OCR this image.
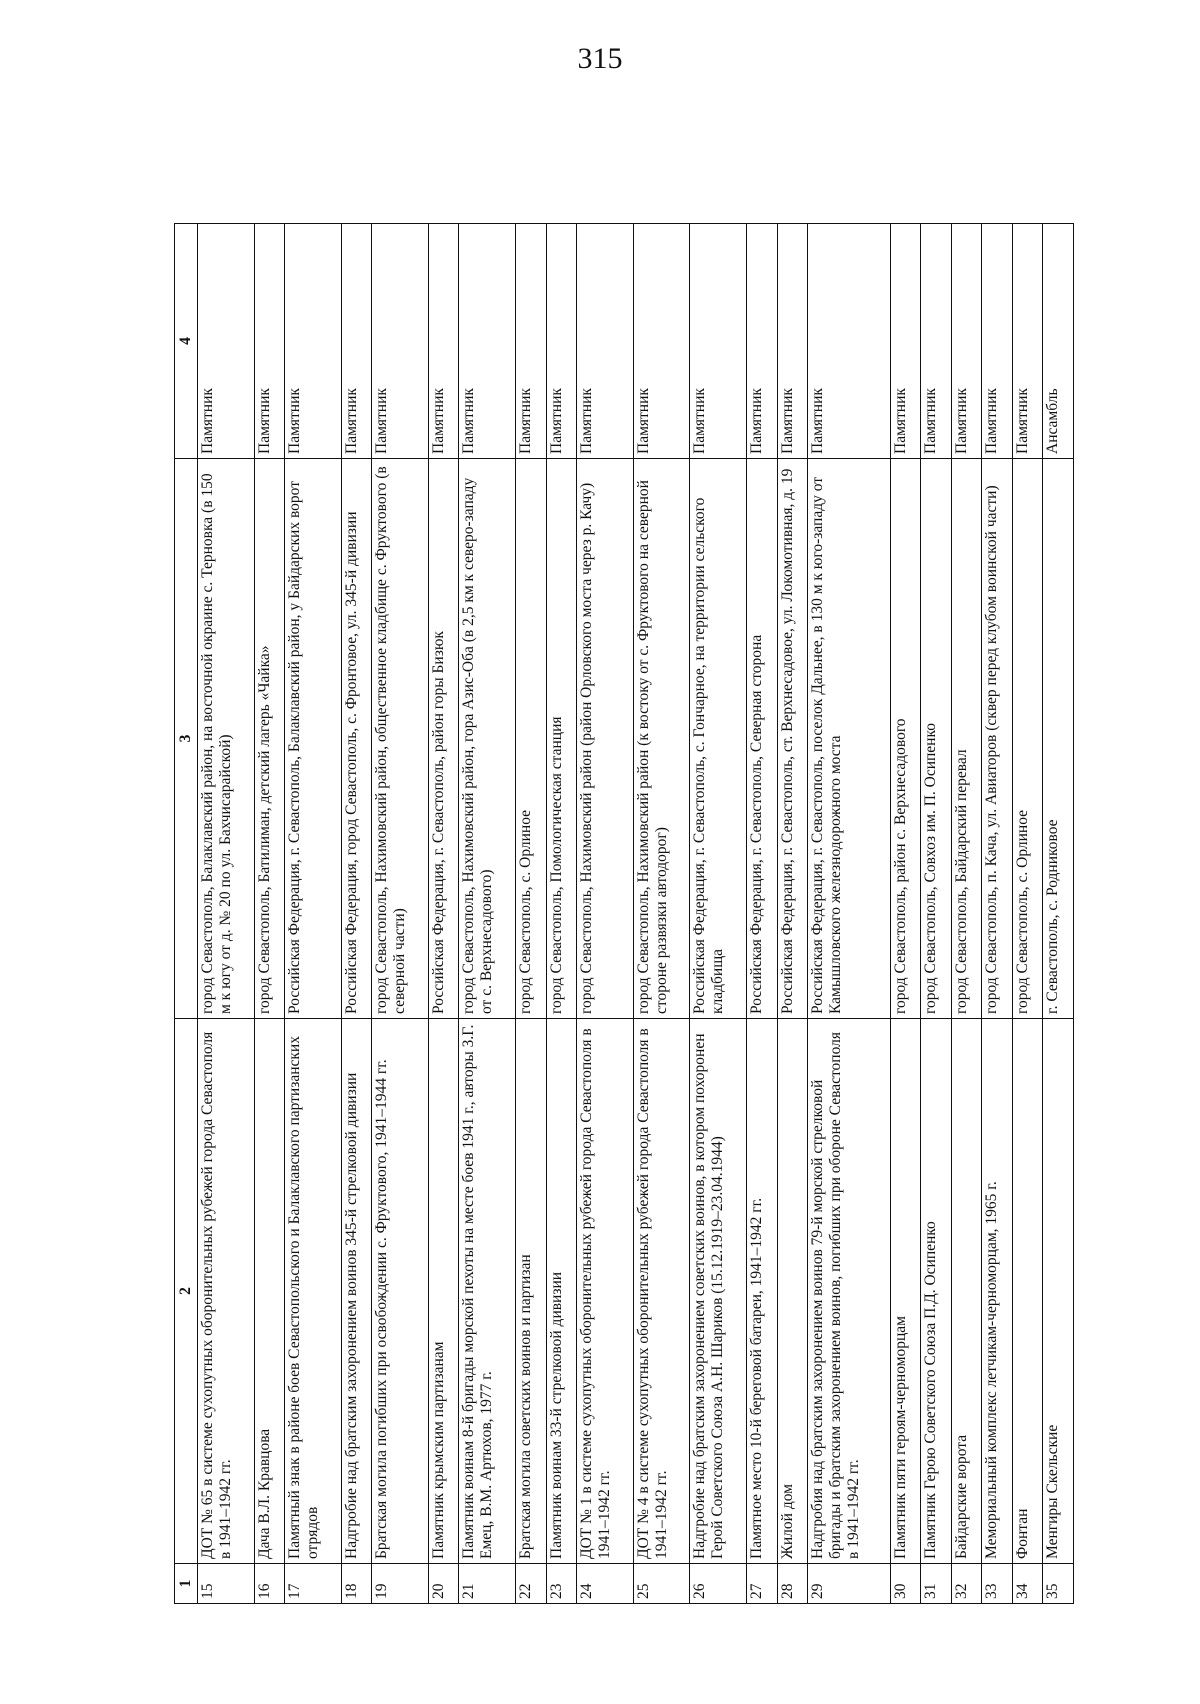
315
1	2	3	4
15	ДОТ № 65 в системе сухопутных оборонительных рубежей города Севастополя в 1941–1942 гг.	город Севастополь, Балаклавский район, на восточной окраине с. Терновка (в 150 м к югу от д. № 20 по ул. Бахчисарайской)	Памятник
16	Дача В.Л. Кравцова	город Севастополь, Батилиман, детский лагерь «Чайка»	Памятник
17	Памятный знак в районе боев Севастопольского и Балаклавского партизанских отрядов	Российская Федерация, г. Севастополь, Балаклавский район, у Байдарских ворот	Памятник
18	Надгробие над братским захоронением воинов 345-й стрелковой дивизии	Российская Федерация, город Севастополь, с. Фронтовое, ул. 345-й дивизии	Памятник
19	Братская могила погибших при освобождении с. Фруктового, 1941–1944 гг.	город Севастополь, Нахимовский район, общественное кладбище с. Фруктового (в северной части)	Памятник
20	Памятник крымским партизанам	Российская Федерация, г. Севастополь, район горы Бизюк	Памятник
21	Памятник воинам 8-й бригады морской пехоты на месте боев 1941 г., авторы З.Г. Емец, В.М. Артюхов, 1977 г.	город Севастополь, Нахимовский район, гора Азис-Оба (в 2,5 км к северо-западу от с. Верхнесадового)	Памятник
22	Братская могила советских воинов и партизан	город Севастополь, с. Орлиное	Памятник
23	Памятник воинам 33-й стрелковой дивизии	город Севастополь, Помологическая станция	Памятник
24	ДОТ № 1 в системе сухопутных оборонительных рубежей города Севастополя в 1941–1942 гг.	город Севастополь, Нахимовский район (район Орловского моста через р. Качу)	Памятник
25	ДОТ № 4 в системе сухопутных оборонительных рубежей города Севастополя в 1941–1942 гг.	город Севастополь, Нахимовский район (к востоку от с. Фруктового на северной стороне развязки автодорог)	Памятник
26	Надгробие над братским захоронением советских воинов, в котором похоронен Герой Советского Союза А.Н. Шариков (15.12.1919–23.04.1944)	Российская Федерация, г. Севастополь, с. Гончарное, на территории сельского кладбища	Памятник
27	Памятное место 10-й береговой батареи, 1941–1942 гг.	Российская Федерация, г. Севастополь, Северная сторона	Памятник
28	Жилой дом	Российская Федерация, г. Севастополь, ст. Верхнесадовое, ул. Локомотивная, д. 19	Памятник
29	Надгробия над братским захоронением воинов 79-й морской стрелковой бригады и братским захоронением воинов, погибших при обороне Севастополя в 1941–1942 гг.	Российская Федерация, г. Севастополь, поселок Дальнее, в 130 м к юго-западу от Камышловского железнодорожного моста	Памятник
30	Памятник пяти героям-черноморцам	город Севастополь, район с. Верхнесадового	Памятник
31	Памятник Герою Советского Союза П.Д. Осипенко	город Севастополь, Совхоз им. П. Осипенко	Памятник
32	Байдарские ворота	город Севастополь, Байдарский перевал	Памятник
33	Мемориальный комплекс летчикам-черноморцам, 1965 г.	город Севастополь, п. Кача, ул. Авиаторов (сквер перед клубом воинской части)	Памятник
34	Фонтан	город Севастополь, с. Орлиное	Памятник
35	Менгиры Скельские	г. Севастополь, с. Родниковое	Ансамбль
